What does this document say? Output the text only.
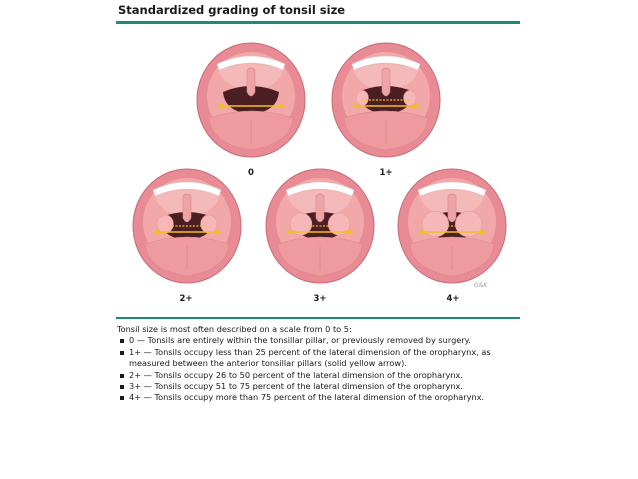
Standardized grading of tonsil size
0	1+
2+	3+	4+
G&K
Tonsil size is most often described on a scale from 0 to 5:
0 — Tonsils are entirely within the tonsillar pillar, or previously removed by surgery.
1+ — Tonsils occupy less than 25 percent of the lateral dimension of the oropharynx, as measured between the anterior tonsillar pillars (solid yellow arrow).
2+ — Tonsils occupy 26 to 50 percent of the lateral dimension of the oropharynx.
3+ — Tonsils occupy 51 to 75 percent of the lateral dimension of the oropharynx.
4+ — Tonsils occupy more than 75 percent of the lateral dimension of the oropharynx.
